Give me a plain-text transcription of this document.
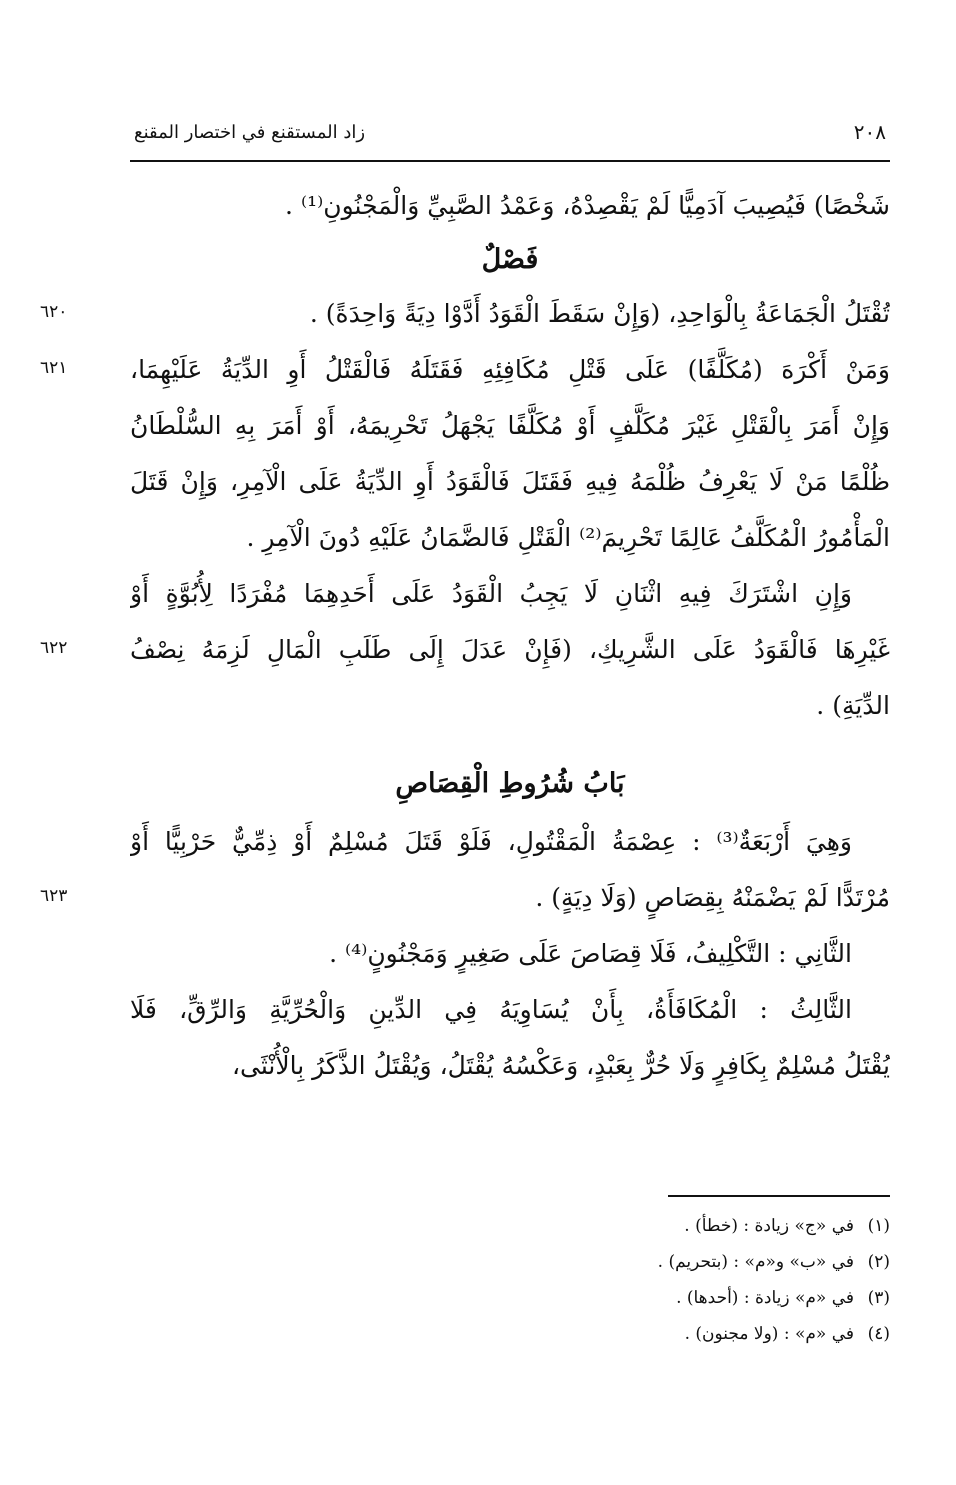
٢٠٨
زاد المستقنع في اختصار المقنع
شَخْصًا) فَيُصِيبَ آدَمِيًّا لَمْ يَقْصِدْهُ، وَعَمْدُ الصَّبِيِّ وَالْمَجْنُونِ⁽¹⁾ .
فَصْلٌ
تُقْتَلُ الْجَمَاعَةُ بِالْوَاحِدِ، (وَإِنْ سَقَطَ الْقَوَدُ أَدَّوْا دِيَةً وَاحِدَةً) .
وَمَنْ أَكْرَهَ (مُكَلَّفًا) عَلَى قَتْلِ مُكَافِئِهِ فَقَتَلَهُ فَالْقَتْلُ أَوِ الدِّيَةُ عَلَيْهِمَا،
وَإِنْ أَمَرَ بِالْقَتْلِ غَيْرَ مُكَلَّفٍ أَوْ مُكَلَّفًا يَجْهَلُ تَحْرِيمَهُ، أَوْ أَمَرَ بِهِ السُّلْطَانُ
ظُلْمًا مَنْ لَا يَعْرِفُ ظُلْمَهُ فِيهِ فَقَتَلَ فَالْقَوَدُ أَوِ الدِّيَةُ عَلَى الْآمِرِ، وَإِنْ قَتَلَ
الْمَأْمُورُ الْمُكَلَّفُ عَالِمًا تَحْرِيمَ⁽²⁾ الْقَتْلِ فَالضَّمَانُ عَلَيْهِ دُونَ الْآمِرِ .
وَإِنِ اشْتَرَكَ فِيهِ اثْنَانِ لَا يَجِبُ الْقَوَدُ عَلَى أَحَدِهِمَا مُفْرَدًا لِأُبُوَّةٍ أَوْ
غَيْرِهَا فَالْقَوَدُ عَلَى الشَّرِيكِ، (فَإِنْ عَدَلَ إِلَى طَلَبِ الْمَالِ لَزِمَهُ نِصْفُ
الدِّيَةِ) .
بَابُ شُرُوطِ الْقِصَاصِ
وَهِيَ أَرْبَعَةٌ⁽³⁾ : عِصْمَةُ الْمَقْتُولِ، فَلَوْ قَتَلَ مُسْلِمٌ أَوْ ذِمِّيٌّ حَرْبِيًّا أَوْ
مُرْتَدًّا لَمْ يَضْمَنْهُ بِقِصَاصٍ (وَلَا دِيَةٍ) .
الثَّانِي : التَّكْلِيفُ، فَلَا قِصَاصَ عَلَى صَغِيرٍ وَمَجْنُونٍ⁽⁴⁾ .
الثَّالِثُ : الْمُكَافَأَةُ، بِأَنْ يُسَاوِيَهُ فِي الدِّينِ وَالْحُرِّيَّةِ وَالرِّقِّ، فَلَا
يُقْتَلُ مُسْلِمٌ بِكَافِرٍ وَلَا حُرٌّ بِعَبْدٍ، وَعَكْسُهُ يُقْتَلُ، وَيُقْتَلُ الذَّكَرُ بِالْأُنْثَى،
(١)في «ج» زيادة : (خطأ) .
(٢)في «ب» و«م» : (بتحريم) .
(٣)في «م» زيادة : (أحدها) .
(٤)في «م» : (ولا مجنون) .
٦٢٠
٦٢١
٦٢٢
٦٢٣
